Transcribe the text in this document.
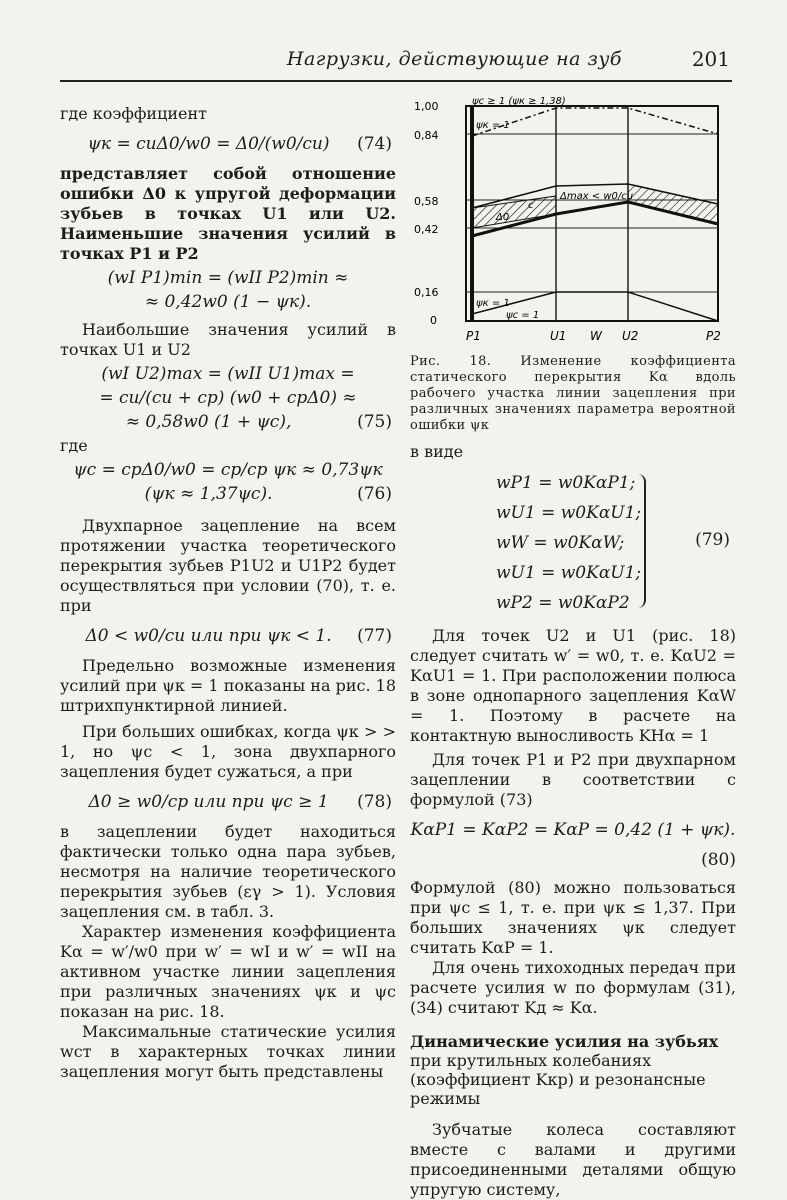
Нагрузки, действующие на зуб	201

где коэффициент

ψк = cuΔ0/w0 = Δ0/(w0/cu)	(74)

представляет собой отношение ошибки Δ0 к упругой деформации зубьев в точках U1 или U2. Наименьшие значения усилий в точках P1 и P2

(wI P1)min = (wII P2)min ≈
≈ 0,42w0 (1 − ψк).

Наибольшие значения усилий в точках U1 и U2

(wI U2)max = (wII U1)max =
= cu/(cu + cp) (w0 + cpΔ0) ≈
≈ 0,58w0 (1 + ψc),	(75)

где

ψc = cpΔ0/w0 = cp/cp ψк ≈ 0,73ψк
(ψк ≈ 1,37ψc).	(76)

Двухпарное зацепление на всем протяжении участка теоретического перекрытия зубьев P1U2 и U1P2 будет осуществляться при условии (70), т. е. при

Δ0 < w0/cu или при ψк < 1.	(77)

Предельно возможные изменения усилий при ψк = 1 показаны на рис. 18 штрихпунктирной линией.

При больших ошибках, когда ψк > > 1, но ψc < 1, зона двухпарного зацепления будет сужаться, а при

Δ0 ≥ w0/cp или при ψc ≥ 1	(78)

в зацеплении будет находиться фактически только одна пара зубьев, несмотря на наличие теоретического перекрытия зубьев (εγ > 1). Условия зацепления см. в табл. 3.

Характер изменения коэффициента Kα = w′/w0 при w′ = wI и w′ = wII на активном участке линии зацепления при различных значениях ψк и ψc показан на рис. 18.

Максимальные статические усилия wст в характерных точках линии зацепления могут быть представлены

1,00
0,84
0,58
0,42
0,16
0
ψc ≥ 1 (ψк ≥ 1,38)
ψк = 1
ψк = 1
ψc = 1
Δmax < w0/cu
Δ0
c
P1	U1 W U2	P2

Рис. 18. Изменение коэффициента статического перекрытия Kα вдоль рабочего участка линии зацепления при различных значениях параметра вероятной ошибки ψк

в виде

wP1 = w0KαP1;
wU1 = w0KαU1;
wW = w0KαW;
wU1 = w0KαU1;
wP2 = w0KαP2
(79)

Для точек U2 и U1 (рис. 18) следует считать w′ = w0, т. е. KαU2 = KαU1 = 1. При расположении полюса в зоне однопарного зацепления KαW = 1. Поэтому в расчете на контактную выносливость KHα = 1

Для точек P1 и P2 при двухпарном зацеплении в соответствии с формулой (73)

KαP1 = KαP2 = KαP = 0,42 (1 + ψк).
(80)

Формулой (80) можно пользоваться при ψc ≤ 1, т. е. при ψк ≤ 1,37. При больших значениях ψк следует считать KαP = 1.

Для очень тихоходных передач при расчете усилия w по формулам (31), (34) считают Kд ≈ Kα.

Динамические усилия на зубьях
при крутильных колебаниях (коэффициент Kкр) и резонансные режимы

Зубчатые колеса составляют вместе с валами и другими присоединенными деталями общую упругую систему,
